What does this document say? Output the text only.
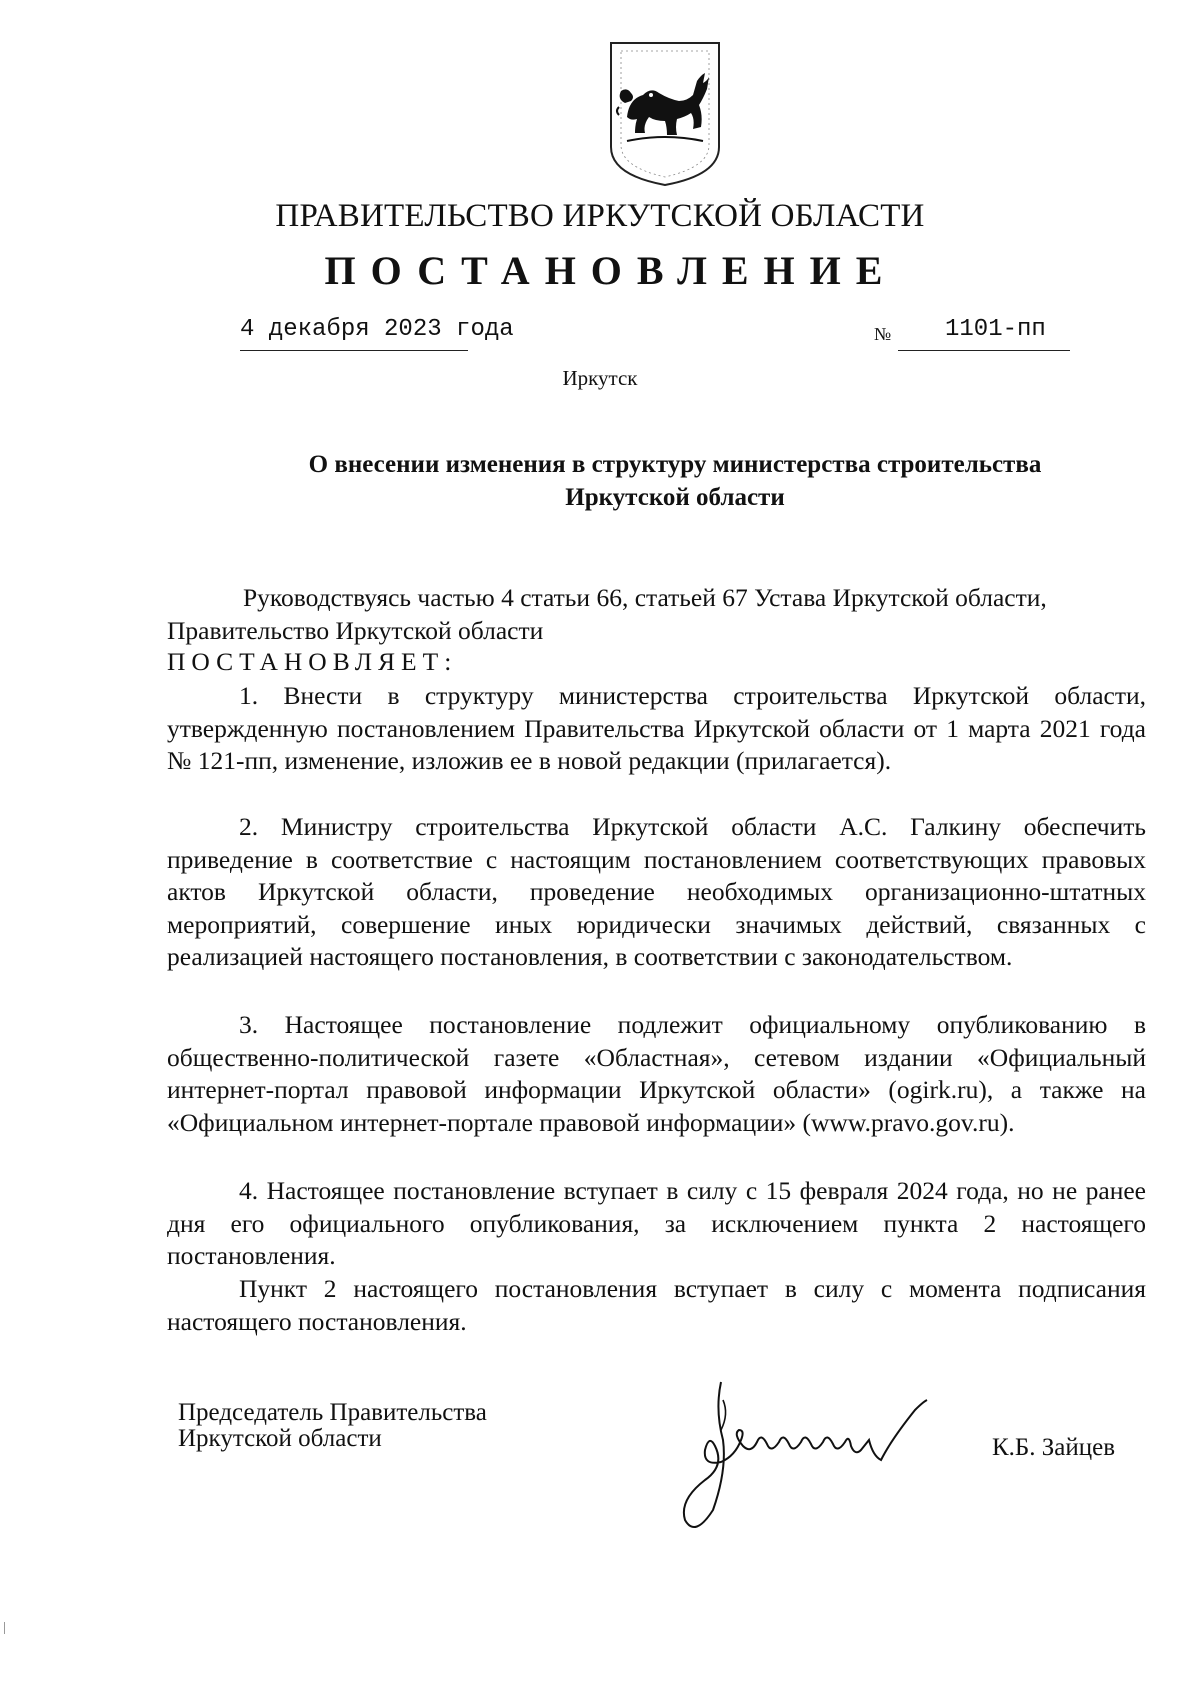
ПРАВИТЕЛЬСТВО ИРКУТСКОЙ ОБЛАСТИ
ПОСТАНОВЛЕНИЕ
4 декабря 2023 года	№ 1101-пп
Иркутск
О внесении изменения в структуру министерства строительства
Иркутской области
Руководствуясь частью 4 статьи 66, статьей 67 Устава Иркутской области,
Правительство Иркутской области
ПОСТАНОВЛЯЕТ:
1. Внести в структуру министерства строительства Иркутской области, утвержденную постановлением Правительства Иркутской области от 1 марта 2021 года № 121-пп, изменение, изложив ее в новой редакции (прилагается).
2. Министру строительства Иркутской области А.С. Галкину обеспечить приведение в соответствие с настоящим постановлением соответствующих правовых актов Иркутской области, проведение необходимых организационно-штатных мероприятий, совершение иных юридически значимых действий, связанных с реализацией настоящего постановления, в соответствии с законодательством.
3. Настоящее постановление подлежит официальному опубликованию в общественно-политической газете «Областная», сетевом издании «Официальный интернет-портал правовой информации Иркутской области» (ogirk.ru), а также на «Официальном интернет-портале правовой информации» (www.pravo.gov.ru).
4. Настоящее постановление вступает в силу с 15 февраля 2024 года, но не ранее дня его официального опубликования, за исключением пункта 2 настоящего постановления.
Пункт 2 настоящего постановления вступает в силу с момента подписания настоящего постановления.
Председатель Правительства
Иркутской области	К.Б. Зайцев
